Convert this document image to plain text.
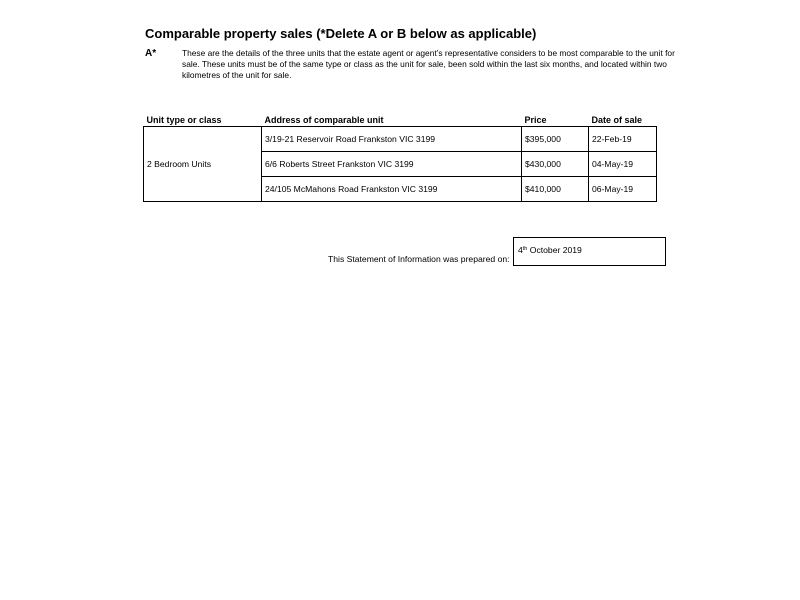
Comparable property sales (*Delete A or B below as applicable)
A*	These are the details of the three units that the estate agent or agent’s representative considers to be most comparable to the unit for sale. These units must be of the same type or class as the unit for sale, been sold within the last six months, and located within two kilometres of the unit for sale.

Unit type or class	Address of comparable unit	Price	Date of sale
2 Bedroom Units	3/19-21 Reservoir Road Frankston VIC 3199	$395,000	22-Feb-19
	6/6 Roberts Street Frankston VIC 3199	$430,000	04-May-19
	24/105 McMahons Road Frankston VIC 3199	$410,000	06-May-19
This Statement of Information was prepared on:
4th October 2019
